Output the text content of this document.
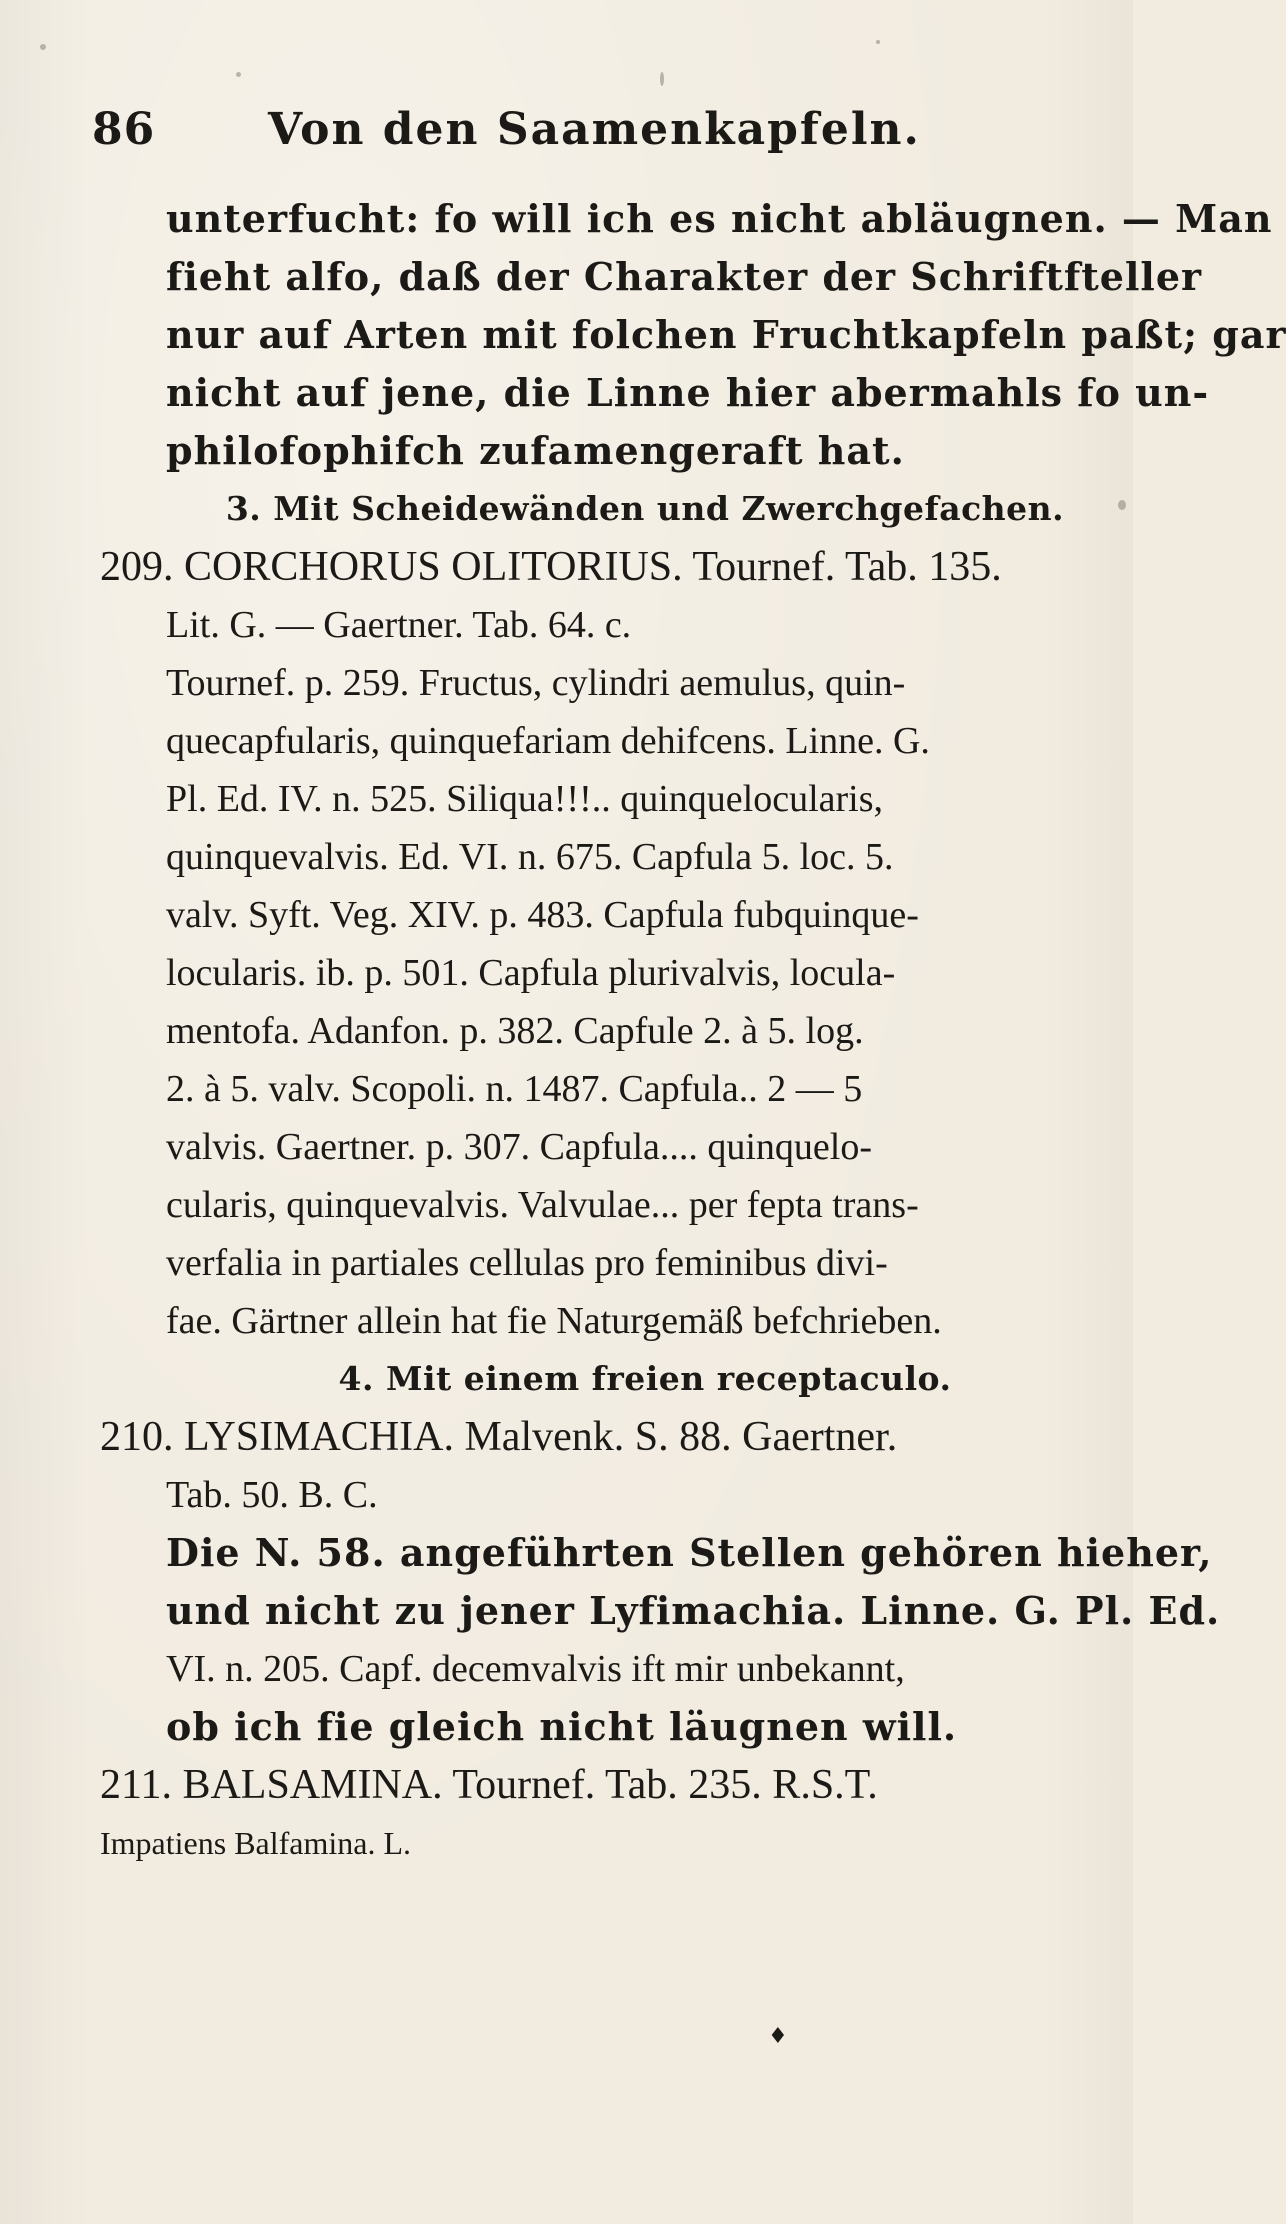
86	Von den Saamenkapfeln.
unterfucht: fo will ich es nicht abläugnen. — Man
fieht alfo, daß der Charakter der Schriftfteller
nur auf Arten mit folchen Fruchtkapfeln paßt; gar
nicht auf jene, die Linne hier abermahls fo un-
philofophifch zufamengeraft hat.
3. Mit Scheidewänden und Zwerchgefachen.
209. CORCHORUS OLITORIUS. Tournef. Tab. 135.
Lit. G. — Gaertner. Tab. 64. c.
Tournef. p. 259. Fructus, cylindri aemulus, quin-
quecapfularis, quinquefariam dehifcens. Linne. G.
Pl. Ed. IV. n. 525. Siliqua!!!.. quinquelocularis,
quinquevalvis. Ed. VI. n. 675. Capfula 5. loc. 5.
valv. Syft. Veg. XIV. p. 483. Capfula fubquinque-
locularis. ib. p. 501. Capfula plurivalvis, locula-
mentofa. Adanfon. p. 382. Capfule 2. à 5. log.
2. à 5. valv. Scopoli. n. 1487. Capfula.. 2 — 5
valvis. Gaertner. p. 307. Capfula.... quinquelo-
cularis, quinquevalvis. Valvulae... per fepta trans-
verfalia in partiales cellulas pro feminibus divi-
fae. Gärtner allein hat fie Naturgemäß befchrieben.
4. Mit einem freien receptaculo.
210. LYSIMACHIA. Malvenk. S. 88. Gaertner.
Tab. 50. B. C.
Die N. 58. angeführten Stellen gehören hieher,
und nicht zu jener Lyfimachia. Linne. G. Pl. Ed.
VI. n. 205. Capf. decemvalvis ift mir unbekannt,
ob ich fie gleich nicht läugnen will.
211. BALSAMINA. Tournef. Tab. 235. R.S.T.
Impatiens Balfamina. L.
♦
